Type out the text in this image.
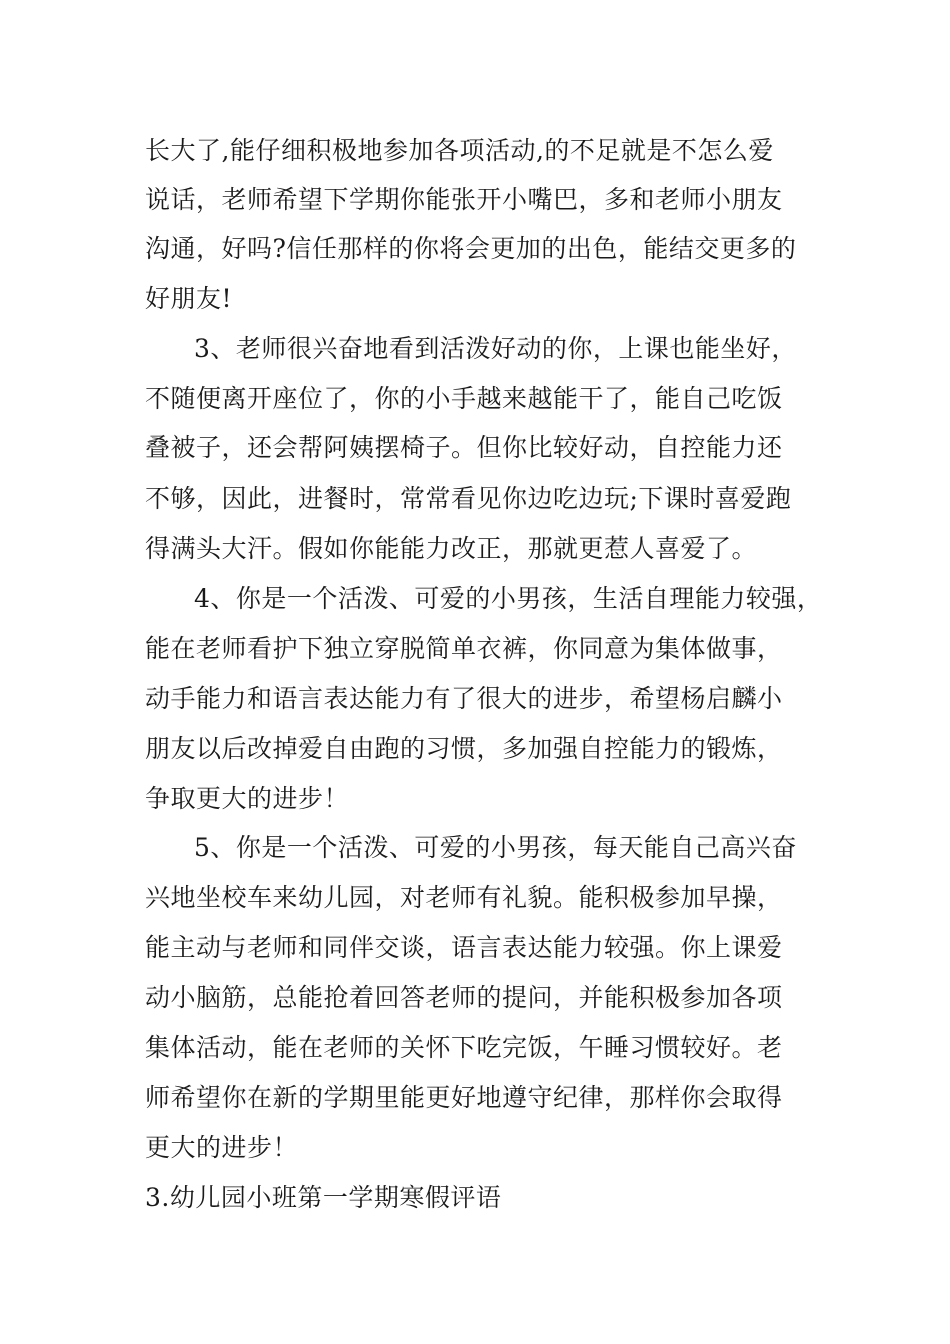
长大了,能仔细积极地参加各项活动,的不足就是不怎么爱
说话，老师希望下学期你能张开小嘴巴，多和老师小朋友
沟通，好吗?信任那样的你将会更加的出色，能结交更多的
好朋友!
3、老师很兴奋地看到活泼好动的你，上课也能坐好，
不随便离开座位了，你的小手越来越能干了，能自己吃饭
叠被子，还会帮阿姨摆椅子。但你比较好动，自控能力还
不够，因此，进餐时，常常看见你边吃边玩;下课时喜爱跑
得满头大汗。假如你能能力改正，那就更惹人喜爱了。
4、你是一个活泼、可爱的小男孩，生活自理能力较强，
能在老师看护下独立穿脱简单衣裤，你同意为集体做事，
动手能力和语言表达能力有了很大的进步，希望杨启麟小
朋友以后改掉爱自由跑的习惯，多加强自控能力的锻炼，
争取更大的进步！
5、你是一个活泼、可爱的小男孩，每天能自己高兴奋
兴地坐校车来幼儿园，对老师有礼貌。能积极参加早操，
能主动与老师和同伴交谈，语言表达能力较强。你上课爱
动小脑筋，总能抢着回答老师的提问，并能积极参加各项
集体活动，能在老师的关怀下吃完饭，午睡习惯较好。老
师希望你在新的学期里能更好地遵守纪律，那样你会取得
更大的进步！
3.幼儿园小班第一学期寒假评语
